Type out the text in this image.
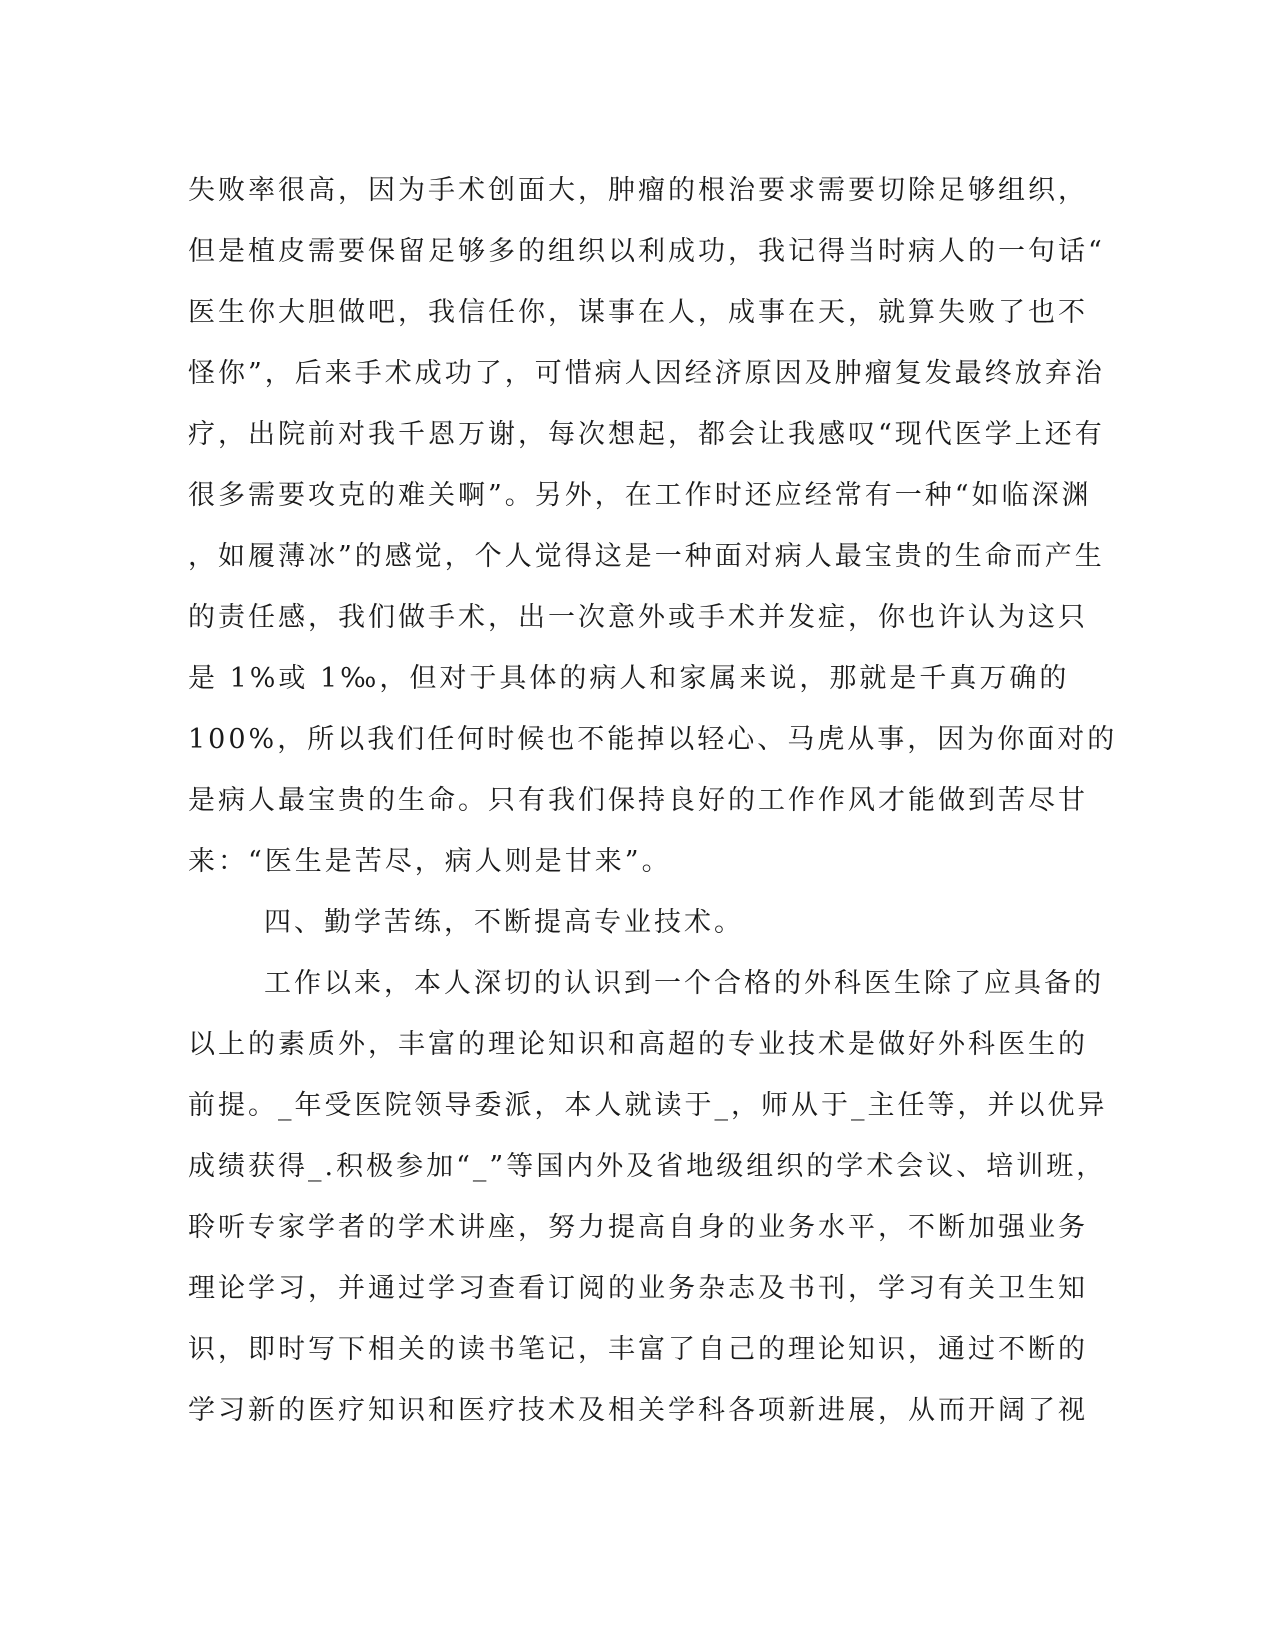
失败率很高，因为手术创面大，肿瘤的根治要求需要切除足够组织，
但是植皮需要保留足够多的组织以利成功，我记得当时病人的一句话“
医生你大胆做吧，我信任你，谋事在人，成事在天，就算失败了也不
怪你”，后来手术成功了，可惜病人因经济原因及肿瘤复发最终放弃治
疗，出院前对我千恩万谢，每次想起，都会让我感叹“现代医学上还有
很多需要攻克的难关啊”。另外，在工作时还应经常有一种“如临深渊
，如履薄冰”的感觉，个人觉得这是一种面对病人最宝贵的生命而产生
的责任感，我们做手术，出一次意外或手术并发症，你也许认为这只
是 1%或 1‰，但对于具体的病人和家属来说，那就是千真万确的
100%，所以我们任何时候也不能掉以轻心、马虎从事，因为你面对的
是病人最宝贵的生命。只有我们保持良好的工作作风才能做到苦尽甘
来：“医生是苦尽，病人则是甘来”。
四、勤学苦练，不断提高专业技术。
工作以来，本人深切的认识到一个合格的外科医生除了应具备的
以上的素质外，丰富的理论知识和高超的专业技术是做好外科医生的
前提。_年受医院领导委派，本人就读于_，师从于_主任等，并以优异
成绩获得_.积极参加“_”等国内外及省地级组织的学术会议、培训班，
聆听专家学者的学术讲座，努力提高自身的业务水平，不断加强业务
理论学习，并通过学习查看订阅的业务杂志及书刊，学习有关卫生知
识，即时写下相关的读书笔记，丰富了自己的理论知识，通过不断的
学习新的医疗知识和医疗技术及相关学科各项新进展，从而开阔了视
